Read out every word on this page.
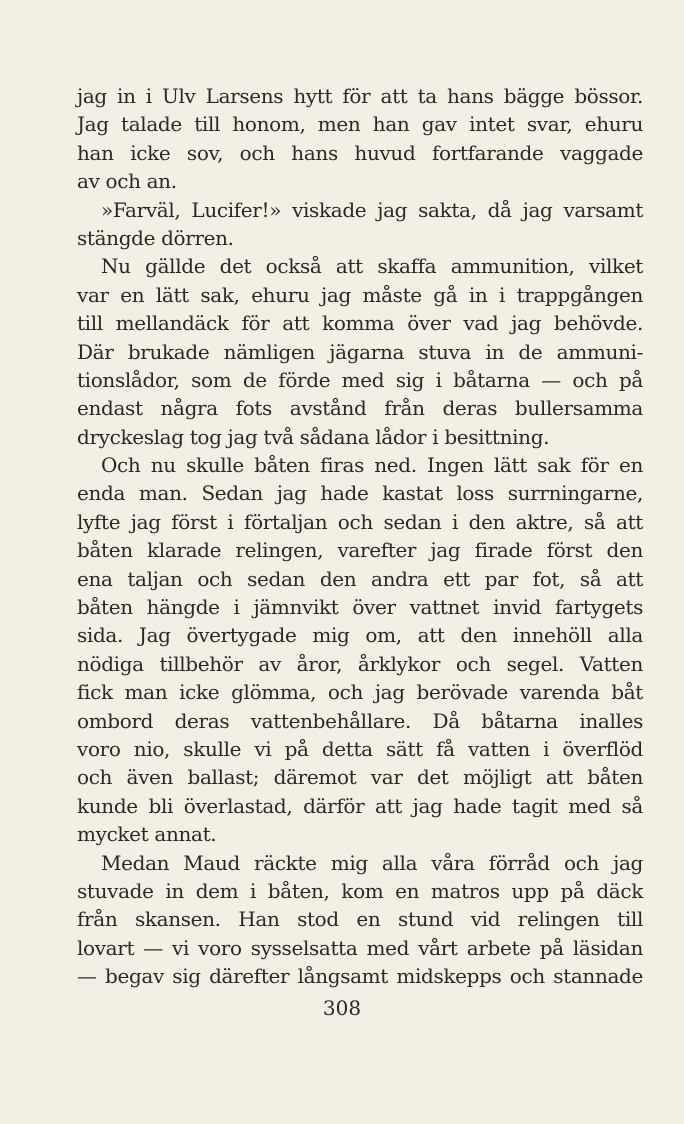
jag in i Ulv Larsens hytt för att ta hans bägge bössor.
Jag talade till honom, men han gav intet svar, ehuru
han icke sov, och hans huvud fortfarande vaggade
av och an.
»Farväl, Lucifer!» viskade jag sakta, då jag varsamt
stängde dörren.
Nu gällde det också att skaffa ammunition, vilket
var en lätt sak, ehuru jag måste gå in i trappgången
till mellandäck för att komma över vad jag behövde.
Där brukade nämligen jägarna stuva in de ammuni-
tionslådor, som de förde med sig i båtarna — och på
endast några fots avstånd från deras bullersamma
dryckeslag tog jag två sådana lådor i besittning.
Och nu skulle båten firas ned. Ingen lätt sak för en
enda man. Sedan jag hade kastat loss surrningarne,
lyfte jag först i förtaljan och sedan i den aktre, så att
båten klarade relingen, varefter jag firade först den
ena taljan och sedan den andra ett par fot, så att
båten hängde i jämnvikt över vattnet invid fartygets
sida. Jag övertygade mig om, att den innehöll alla
nödiga tillbehör av åror, årklykor och segel. Vatten
fick man icke glömma, och jag berövade varenda båt
ombord deras vattenbehållare. Då båtarna inalles
voro nio, skulle vi på detta sätt få vatten i överflöd
och även ballast; däremot var det möjligt att båten
kunde bli överlastad, därför att jag hade tagit med så
mycket annat.
Medan Maud räckte mig alla våra förråd och jag
stuvade in dem i båten, kom en matros upp på däck
från skansen. Han stod en stund vid relingen till
lovart — vi voro sysselsatta med vårt arbete på läsidan
— begav sig därefter långsamt midskepps och stannade
308
